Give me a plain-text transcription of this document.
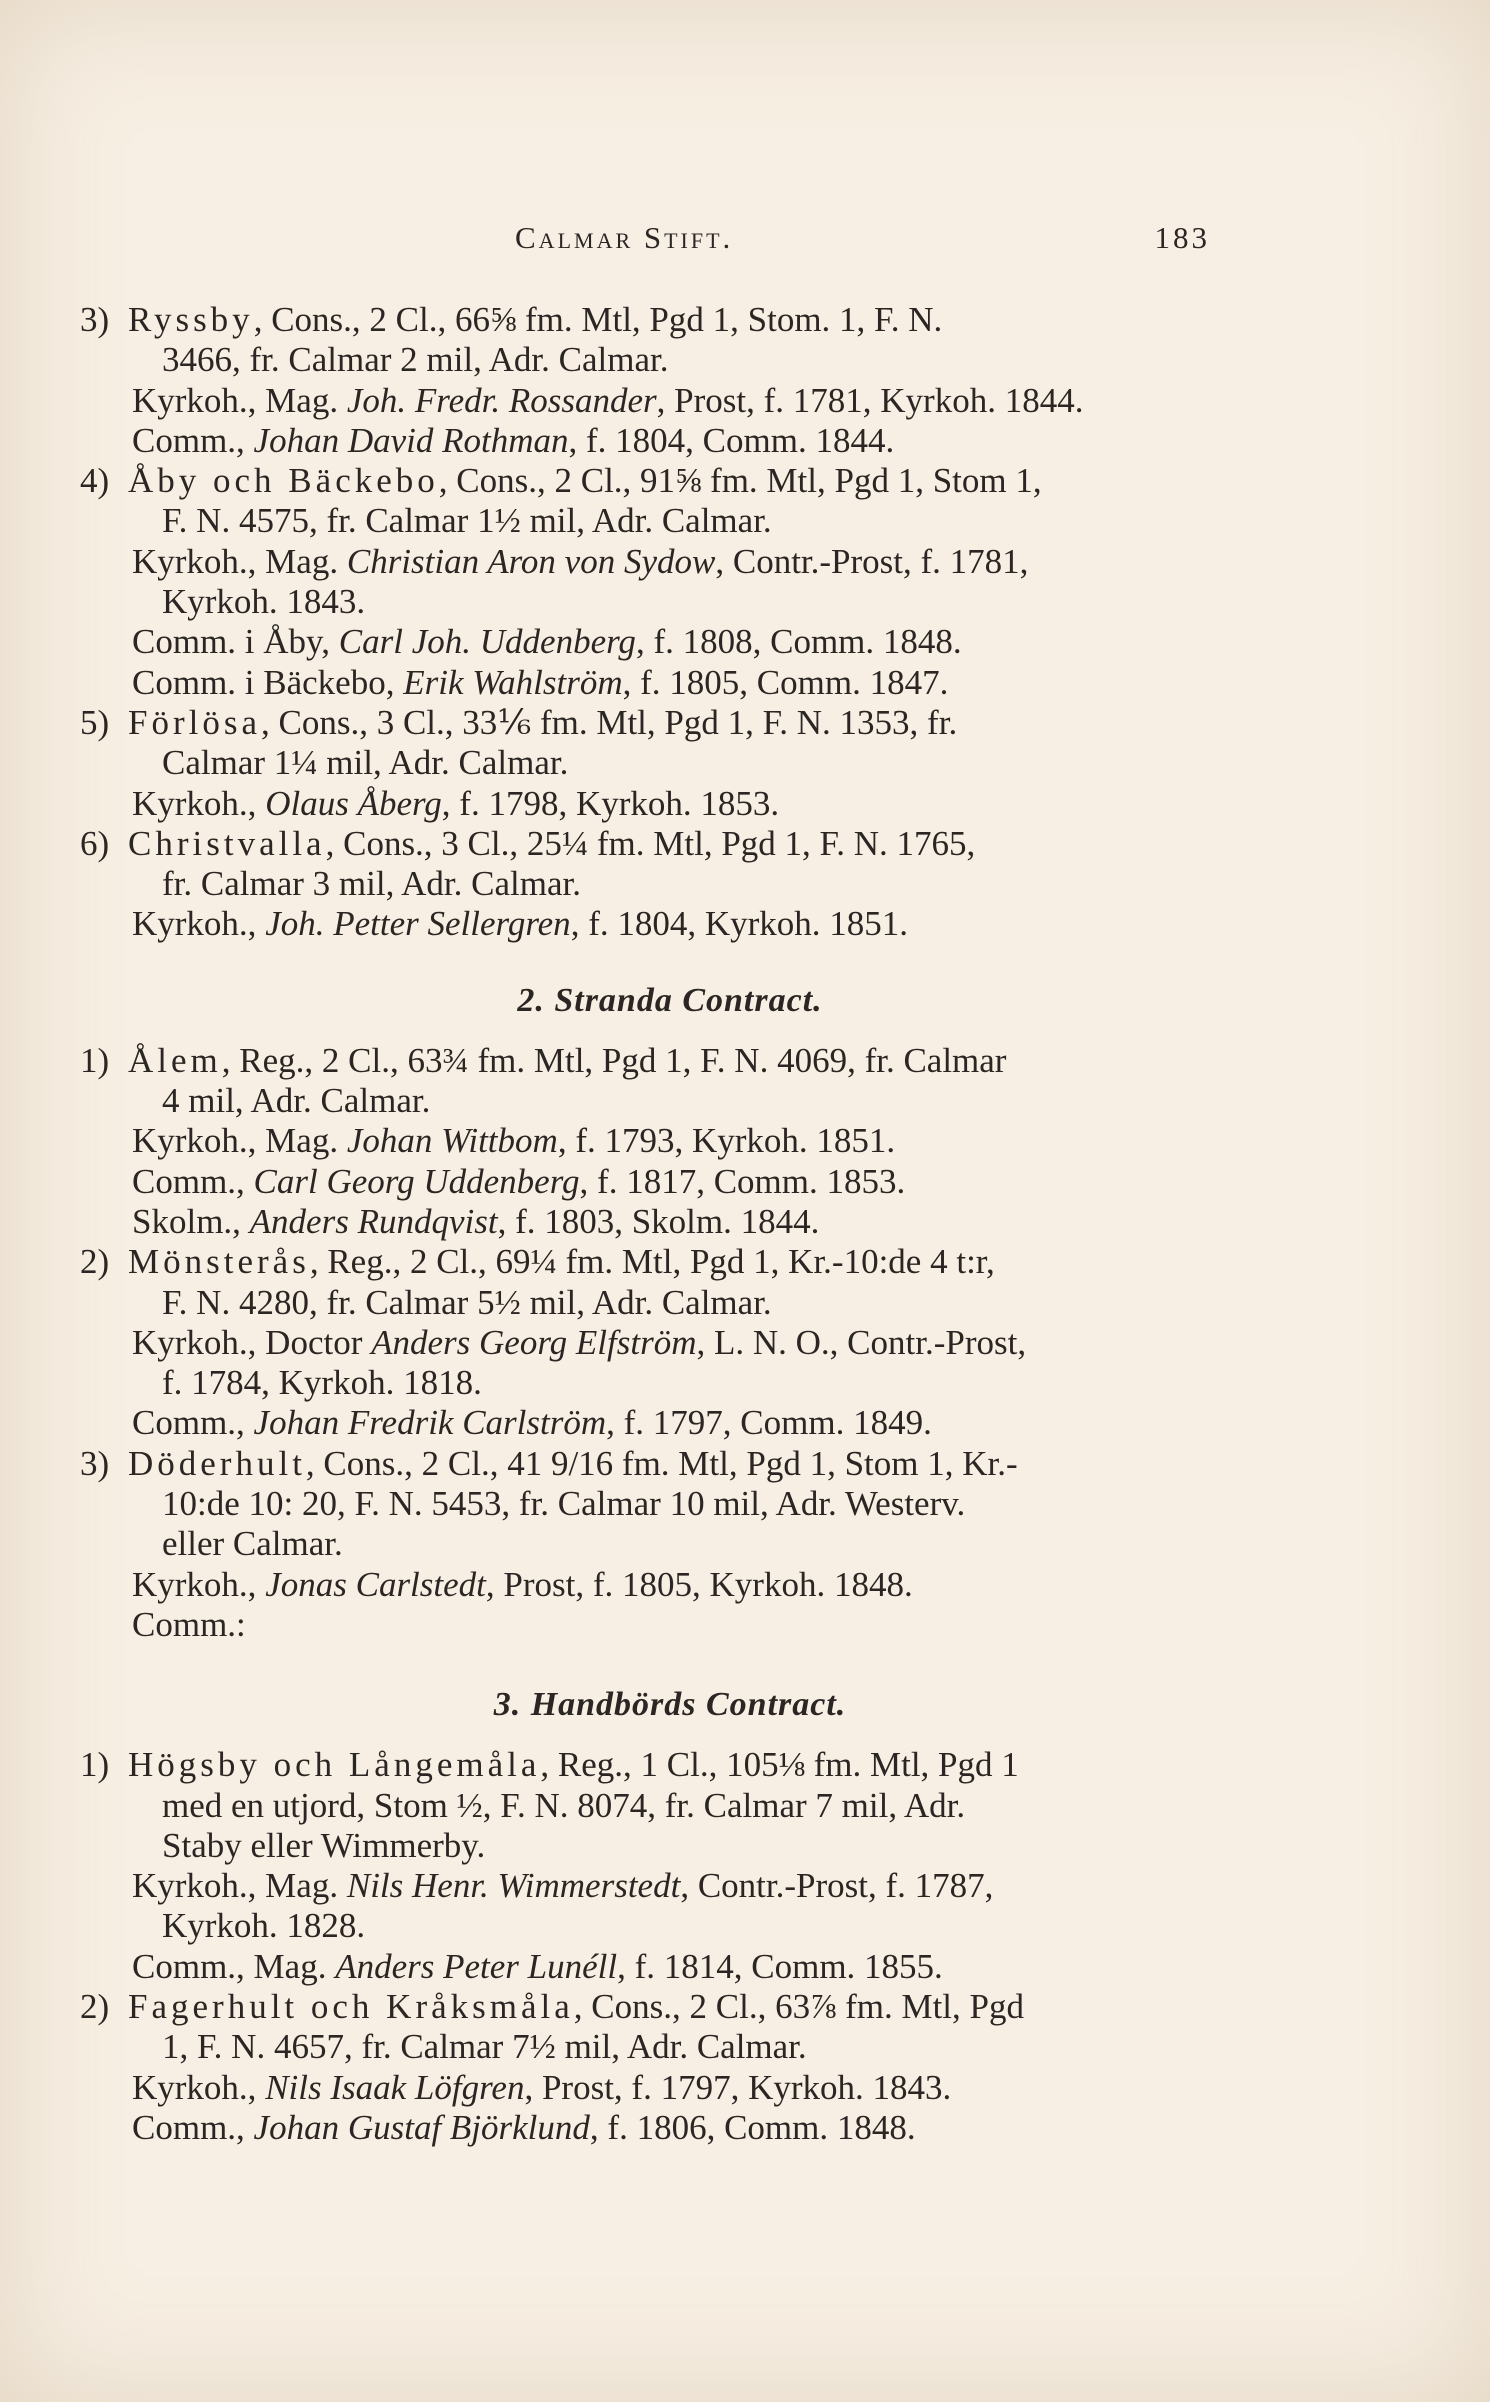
Calmar Stift.	183
3) Ryssby, Cons., 2 Cl., 66⅝ fm. Mtl, Pgd 1, Stom. 1, F. N.
3466, fr. Calmar 2 mil, Adr. Calmar.
Kyrkoh., Mag. Joh. Fredr. Rossander, Prost, f. 1781, Kyrkoh. 1844.
Comm., Johan David Rothman, f. 1804, Comm. 1844.
4) Åby och Bäckebo, Cons., 2 Cl., 91⅝ fm. Mtl, Pgd 1, Stom 1,
F. N. 4575, fr. Calmar 1½ mil, Adr. Calmar.
Kyrkoh., Mag. Christian Aron von Sydow, Contr.-Prost, f. 1781,
Kyrkoh. 1843.
Comm. i Åby, Carl Joh. Uddenberg, f. 1808, Comm. 1848.
Comm. i Bäckebo, Erik Wahlström, f. 1805, Comm. 1847.
5) Förlösa, Cons., 3 Cl., 33⅙ fm. Mtl, Pgd 1, F. N. 1353, fr.
Calmar 1¼ mil, Adr. Calmar.
Kyrkoh., Olaus Åberg, f. 1798, Kyrkoh. 1853.
6) Christvalla, Cons., 3 Cl., 25¼ fm. Mtl, Pgd 1, F. N. 1765,
fr. Calmar 3 mil, Adr. Calmar.
Kyrkoh., Joh. Petter Sellergren, f. 1804, Kyrkoh. 1851.
2. Stranda Contract.
1) Ålem, Reg., 2 Cl., 63¾ fm. Mtl, Pgd 1, F. N. 4069, fr. Calmar
4 mil, Adr. Calmar.
Kyrkoh., Mag. Johan Wittbom, f. 1793, Kyrkoh. 1851.
Comm., Carl Georg Uddenberg, f. 1817, Comm. 1853.
Skolm., Anders Rundqvist, f. 1803, Skolm. 1844.
2) Mönsterås, Reg., 2 Cl., 69¼ fm. Mtl, Pgd 1, Kr.-10:de 4 t:r,
F. N. 4280, fr. Calmar 5½ mil, Adr. Calmar.
Kyrkoh., Doctor Anders Georg Elfström, L. N. O., Contr.-Prost,
f. 1784, Kyrkoh. 1818.
Comm., Johan Fredrik Carlström, f. 1797, Comm. 1849.
3) Döderhult, Cons., 2 Cl., 41 9/16 fm. Mtl, Pgd 1, Stom 1, Kr.-
10:de 10: 20, F. N. 5453, fr. Calmar 10 mil, Adr. Westerv.
eller Calmar.
Kyrkoh., Jonas Carlstedt, Prost, f. 1805, Kyrkoh. 1848.
Comm.:
3. Handbörds Contract.
1) Högsby och Långemåla, Reg., 1 Cl., 105⅛ fm. Mtl, Pgd 1
med en utjord, Stom ½, F. N. 8074, fr. Calmar 7 mil, Adr.
Staby eller Wimmerby.
Kyrkoh., Mag. Nils Henr. Wimmerstedt, Contr.-Prost, f. 1787,
Kyrkoh. 1828.
Comm., Mag. Anders Peter Lunéll, f. 1814, Comm. 1855.
2) Fagerhult och Kråksmåla, Cons., 2 Cl., 63⅞ fm. Mtl, Pgd
1, F. N. 4657, fr. Calmar 7½ mil, Adr. Calmar.
Kyrkoh., Nils Isaak Löfgren, Prost, f. 1797, Kyrkoh. 1843.
Comm., Johan Gustaf Björklund, f. 1806, Comm. 1848.
